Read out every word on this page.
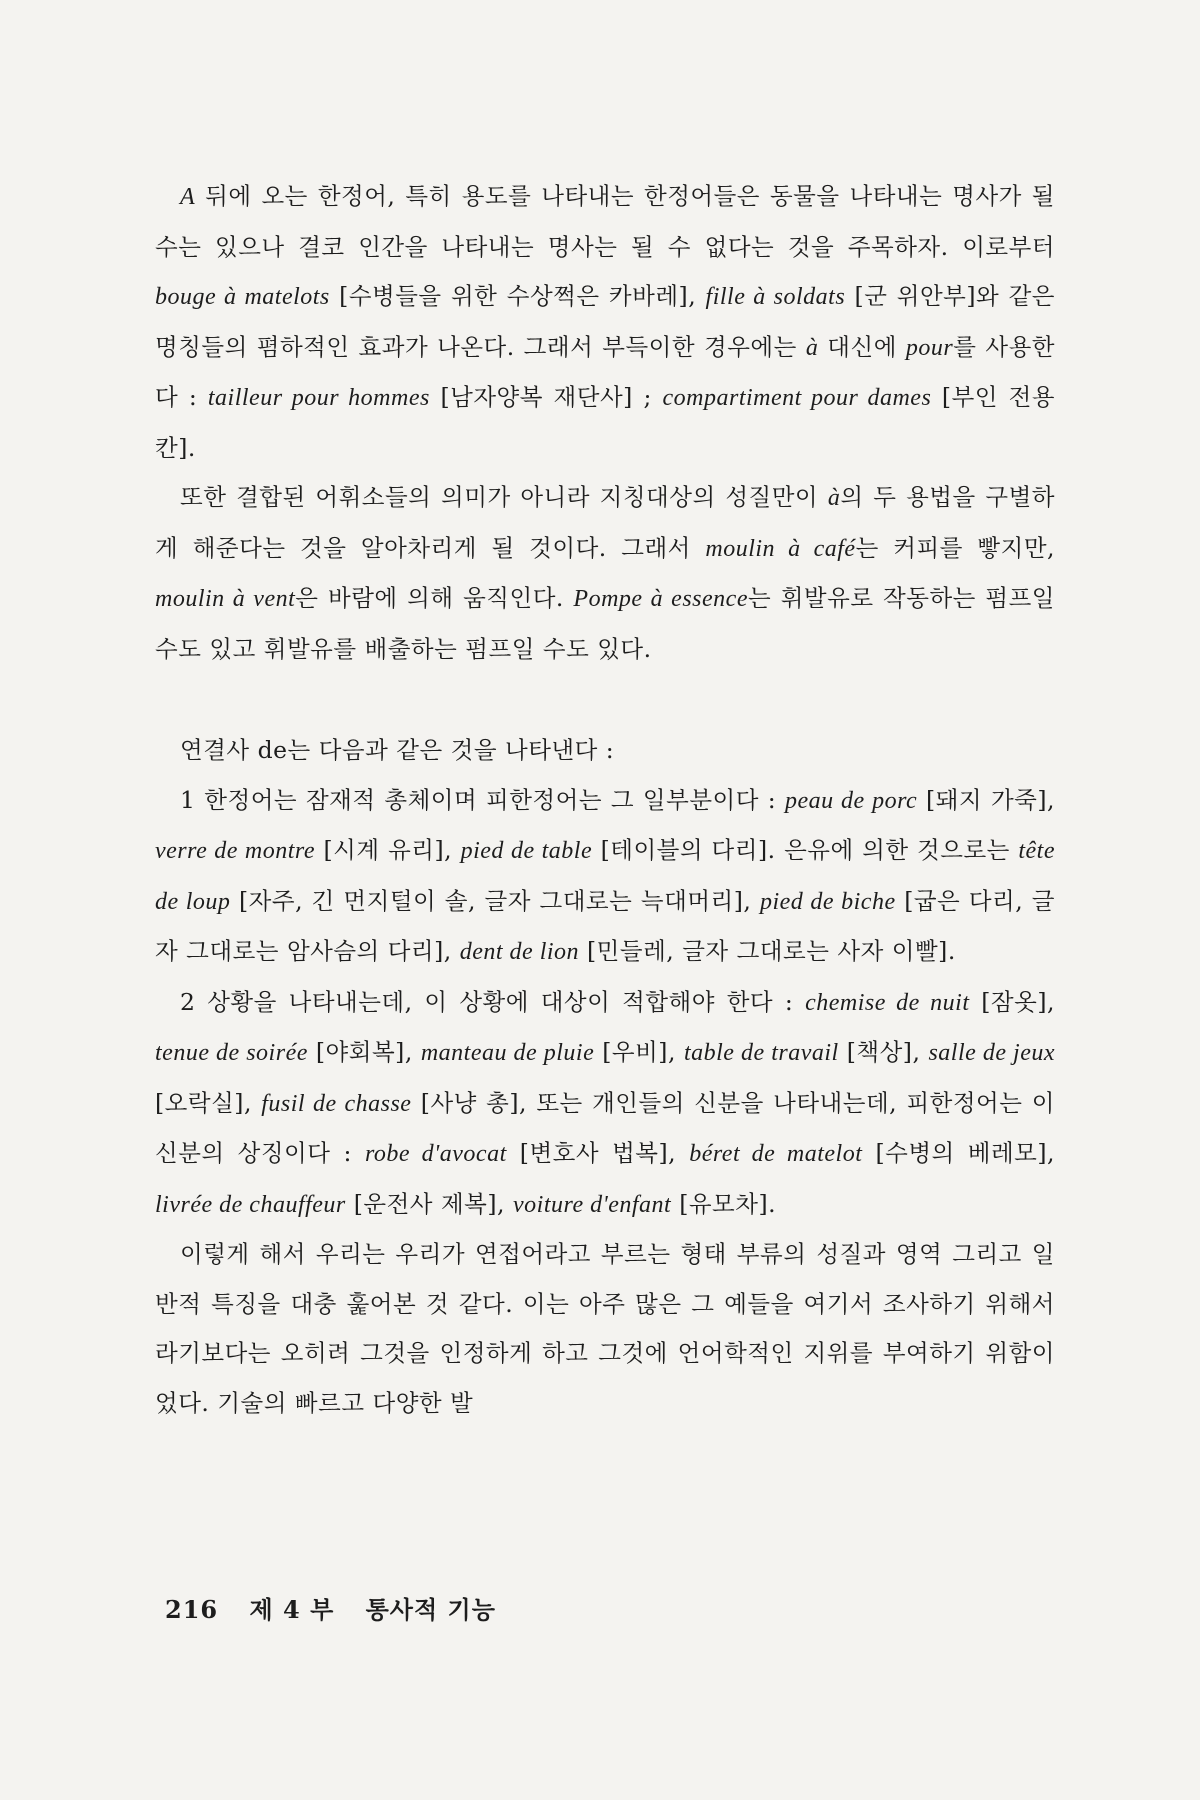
A 뒤에 오는 한정어, 특히 용도를 나타내는 한정어들은 동물을 나타내는 명사가 될 수는 있으나 결코 인간을 나타내는 명사는 될 수 없다는 것을 주목하자. 이로부터 bouge à matelots [수병들을 위한 수상쩍은 카바레], fille à soldats [군 위안부]와 같은 명칭들의 폄하적인 효과가 나온다. 그래서 부득이한 경우에는 à 대신에 pour를 사용한다 : tailleur pour hommes [남자양복 재단사] ; compartiment pour dames [부인 전용 칸].

또한 결합된 어휘소들의 의미가 아니라 지칭대상의 성질만이 à의 두 용법을 구별하게 해준다는 것을 알아차리게 될 것이다. 그래서 moulin à café는 커피를 빻지만, moulin à vent은 바람에 의해 움직인다. Pompe à essence는 휘발유로 작동하는 펌프일 수도 있고 휘발유를 배출하는 펌프일 수도 있다.

연결사 de는 다음과 같은 것을 나타낸다 :

1 한정어는 잠재적 총체이며 피한정어는 그 일부분이다 : peau de porc [돼지 가죽], verre de montre [시계 유리], pied de table [테이블의 다리]. 은유에 의한 것으로는 tête de loup [자주, 긴 먼지털이 솔, 글자 그대로는 늑대머리], pied de biche [굽은 다리, 글자 그대로는 암사슴의 다리], dent de lion [민들레, 글자 그대로는 사자 이빨].

2 상황을 나타내는데, 이 상황에 대상이 적합해야 한다 : chemise de nuit [잠옷], tenue de soirée [야회복], manteau de pluie [우비], table de travail [책상], salle de jeux [오락실], fusil de chasse [사냥 총], 또는 개인들의 신분을 나타내는데, 피한정어는 이 신분의 상징이다 : robe d'avocat [변호사 법복], béret de matelot [수병의 베레모], livrée de chauffeur [운전사 제복], voiture d'enfant [유모차].

이렇게 해서 우리는 우리가 연접어라고 부르는 형태 부류의 성질과 영역 그리고 일반적 특징을 대충 훑어본 것 같다. 이는 아주 많은 그 예들을 여기서 조사하기 위해서라기보다는 오히려 그것을 인정하게 하고 그것에 언어학적인 지위를 부여하기 위함이었다. 기술의 빠르고 다양한 발

216 제 4 부 통사적 기능
